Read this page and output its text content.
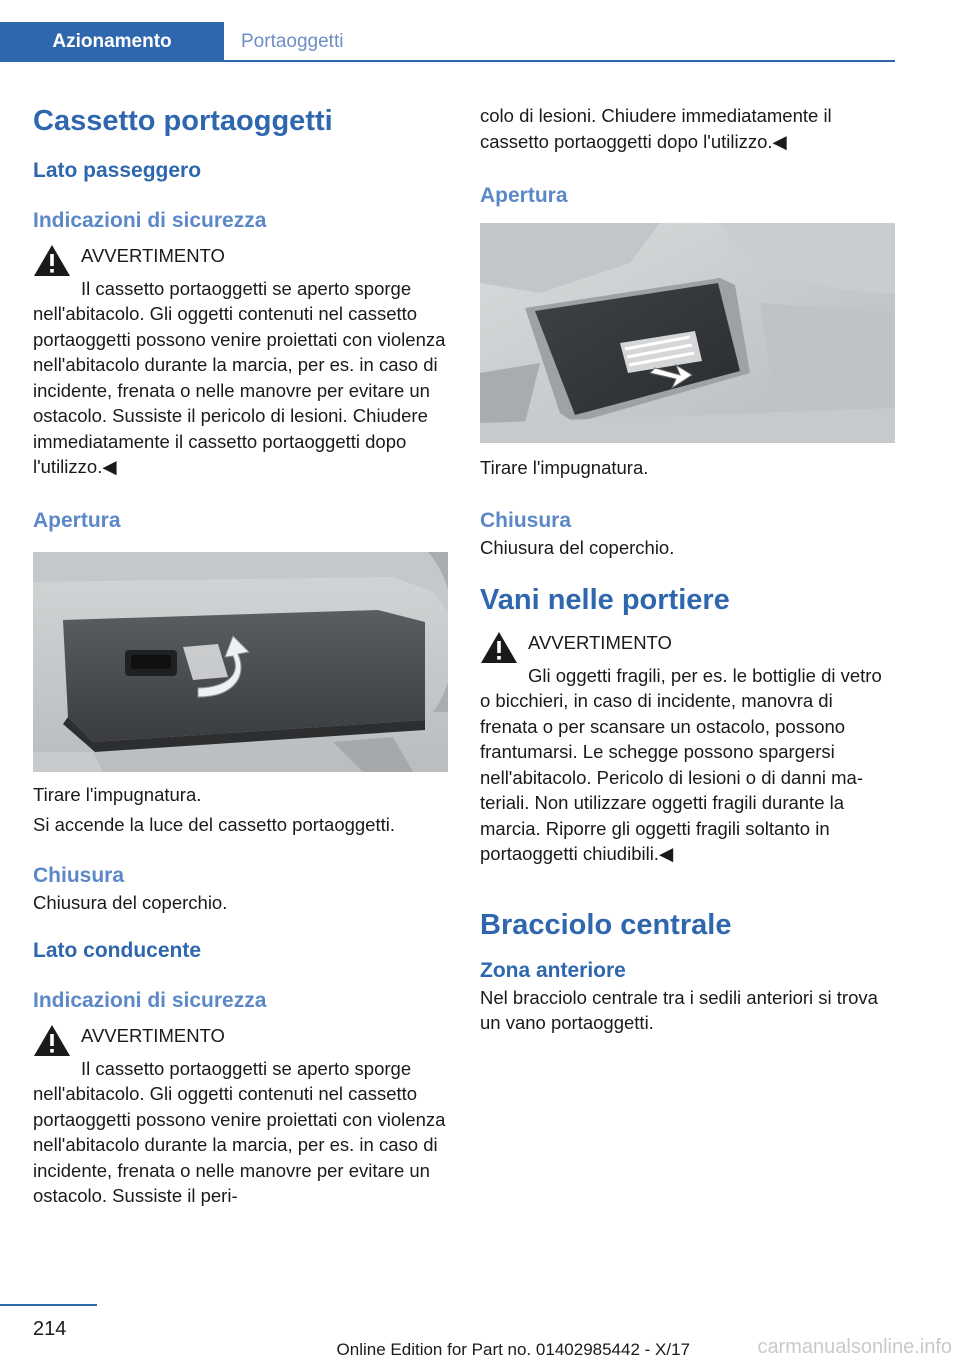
Azionamento	Portaoggetti
Cassetto portaoggetti
Lato passeggero
Indicazioni di sicurezza
AVVERTIMENTO

Il cassetto portaoggetti se aperto sporge nell'abitacolo. Gli oggetti contenuti nel cassetto portaoggetti possono venire proiettati con violenza nell'abitacolo durante la marcia, per es. in caso di incidente, frenata o nelle manovre per evitare un ostacolo. Sussiste il pericolo di lesioni. Chiudere immediatamente il cassetto portaoggetti dopo l'utilizzo.◀

Apertura

Tirare l'impugnatura.

Si accende la luce del cassetto portaoggetti.

Chiusura

Chiusura del coperchio.

Lato conducente
Indicazioni di sicurezza
AVVERTIMENTO

Il cassetto portaoggetti se aperto sporge nell'abitacolo. Gli oggetti contenuti nel cassetto portaoggetti possono venire proiettati con violenza nell'abitacolo durante la marcia, per es. in caso di incidente, frenata o nelle manovre per evitare un ostacolo. Sussiste il peri-

colo di lesioni. Chiudere immediatamente il cassetto portaoggetti dopo l'utilizzo.◀

Apertura

Tirare l'impugnatura.

Chiusura

Chiusura del coperchio.

Vani nelle portiere
AVVERTIMENTO

Gli oggetti fragili, per es. le bottiglie di vetro o bicchieri, in caso di incidente, manovra di frenata o per scansare un ostacolo, possono frantumarsi. Le schegge possono spargersi nell'abitacolo. Pericolo di lesioni o di danni materiali. Non utilizzare oggetti fragili durante la marcia. Riporre gli oggetti fragili soltanto in portaoggetti chiudibili.◀

Bracciolo centrale
Zona anteriore

Nel bracciolo centrale tra i sedili anteriori si trova un vano portaoggetti.

214
Online Edition for Part no. 01402985442 - X/17	carmanualsonline.info
